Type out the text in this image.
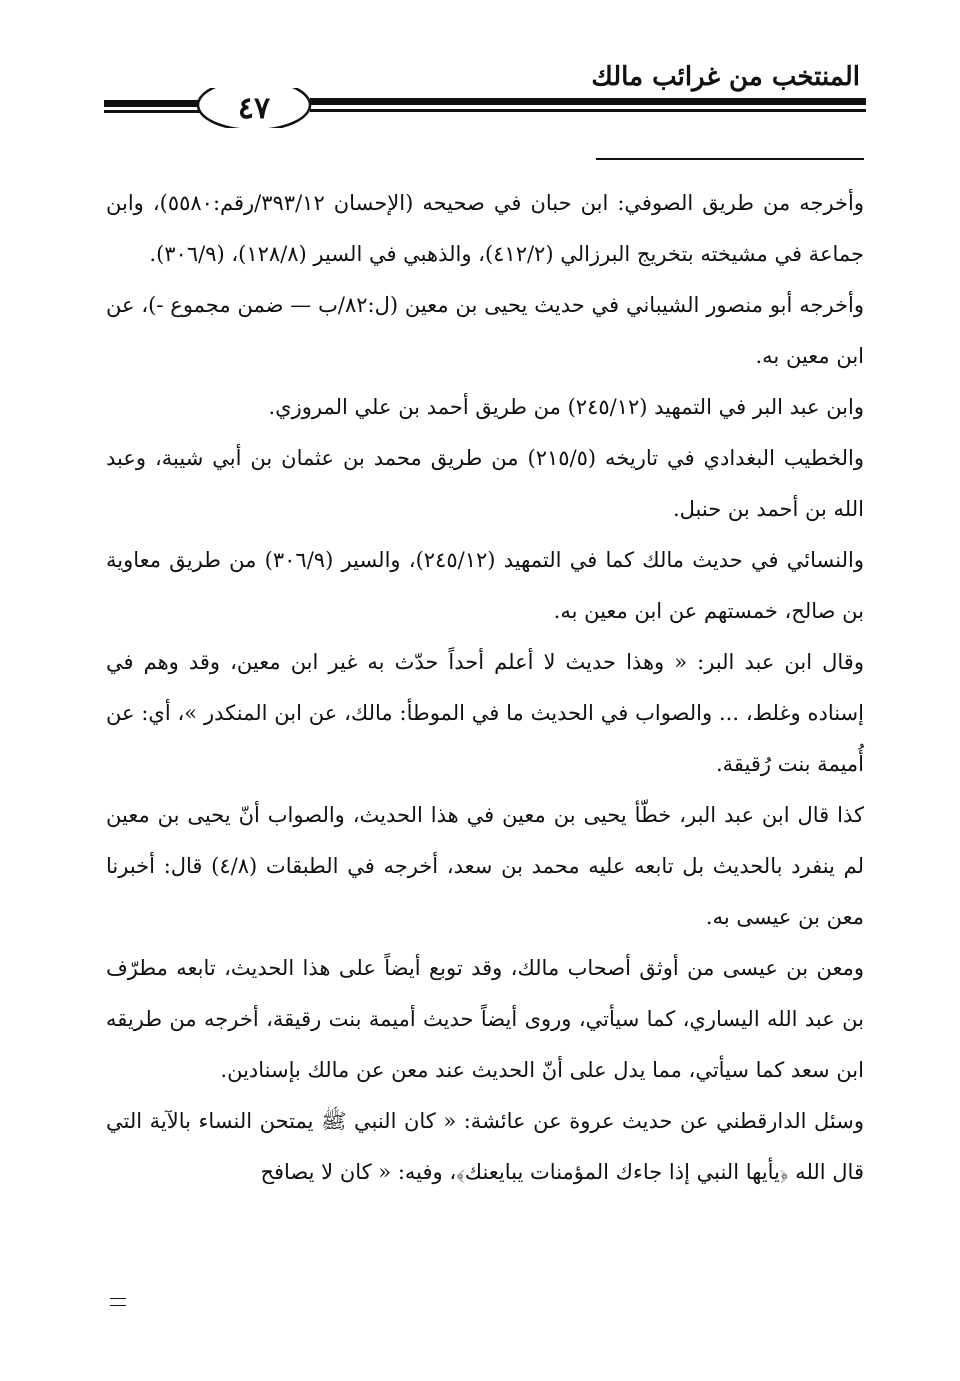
المنتخب من غرائب مالك
٤٧

وأخرجه من طريق الصوفي: ابن حبان في صحيحه (الإحسان ٣٩٣/١٢/رقم:٥٥٨٠)، وابن جماعة في مشيخته بتخريج البرزالي (٤١٢/٢)، والذهبي في السير (١٢٨/٨)، (٣٠٦/٩).

وأخرجه أبو منصور الشيباني في حديث يحيى بن معين (ل:٨٢/ب — ضمن مجموع -)، عن ابن معين به.

وابن عبد البر في التمهيد (٢٤٥/١٢) من طريق أحمد بن علي المروزي.

والخطيب البغدادي في تاريخه (٢١٥/٥) من طريق محمد بن عثمان بن أبي شيبة، وعبد الله بن أحمد بن حنبل.

والنسائي في حديث مالك كما في التمهيد (٢٤٥/١٢)، والسير (٣٠٦/٩) من طريق معاوية بن صالح، خمستهم عن ابن معين به.

وقال ابن عبد البر: « وهذا حديث لا أعلم أحداً حدّث به غير ابن معين، وقد وهم في إسناده وغلط، ... والصواب في الحديث ما في الموطأ: مالك، عن ابن المنكدر »، أي: عن أُميمة بنت رُقيقة.

كذا قال ابن عبد البر، خطّأ يحيى بن معين في هذا الحديث، والصواب أنّ يحيى بن معين لم ينفرد بالحديث بل تابعه عليه محمد بن سعد، أخرجه في الطبقات (٤/٨) قال: أخبرنا معن بن عيسى به.

ومعن بن عيسى من أوثق أصحاب مالك، وقد توبع أيضاً على هذا الحديث، تابعه مطرّف بن عبد الله اليساري، كما سيأتي، وروى أيضاً حديث أميمة بنت رقيقة، أخرجه من طريقه ابن سعد كما سيأتي، مما يدل على أنّ الحديث عند معن عن مالك بإسنادين.

وسئل الدارقطني عن حديث عروة عن عائشة: « كان النبي ﷺ يمتحن النساء بالآية التي قال الله ﴿يأيها النبي إذا جاءك المؤمنات يبايعنك﴾، وفيه: « كان لا يصافح
